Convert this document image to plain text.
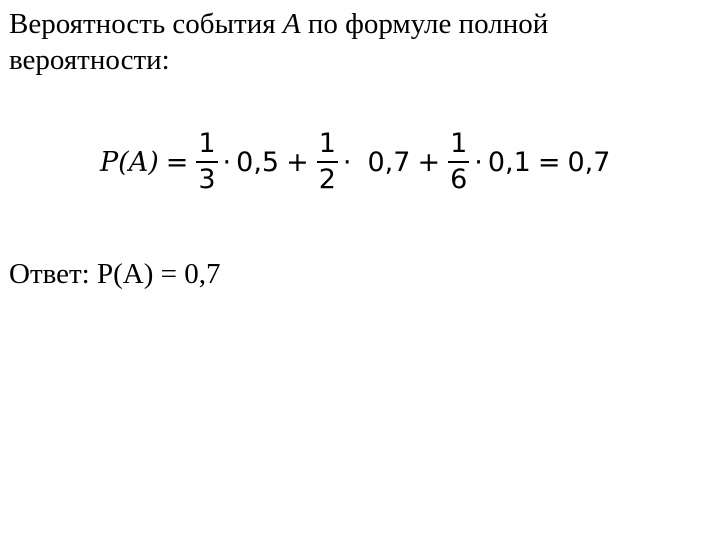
Вероятность события A по формуле полной
вероятности:
$P(A) = \frac{1}{3} \cdot 0,5 + \frac{1}{2} \cdot 0,7 + \frac{1}{6} \cdot 0,1 = 0,7$
Ответ: Р(А) = 0,7
